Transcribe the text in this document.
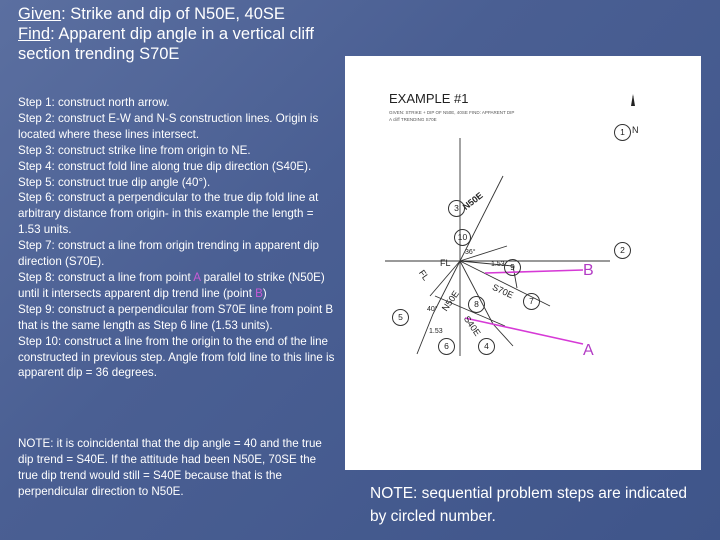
Given: Strike and dip of N50E, 40SE
Find: Apparent dip angle in a vertical cliff section trending S70E
Step 1: construct north arrow.
Step 2: construct E-W and N-S construction lines. Origin is located where these lines intersect.
Step 3: construct strike line from origin to NE.
Step 4: construct fold line along true dip direction (S40E).
Step 5: construct true dip angle (40°).
Step 6: construct a perpendicular to the true dip fold line at arbitrary distance from origin- in this example the length = 1.53 units.
Step 7: construct a line from origin trending in apparent dip direction (S70E).
Step 8: construct a line from point A parallel to strike (N50E) until it intersects apparent dip trend line (point B)
Step 9: construct a perpendicular from S70E line from point B that is the same length as Step 6 line (1.53 units).
Step 10: construct a line from the origin to the end of the line constructed in previous step. Angle from fold line to this line is apparent dip = 36 degrees.
NOTE: it is coincidental that the dip angle = 40 and the true dip trend = S40E. If the attitude had been N50E, 70SE the true dip trend would still = S40E because that is the perpendicular direction to N50E.	NOTE: sequential problem steps are indicated by circled number.
EXAMPLE #1
GIVEN: STRIKE + DIP OF N50E, 40SE FIND: APPARENT DIP
A cliff TRENDING S70E
N
N50E
FL
FL
S70E
S40E
N50E
36°
40°
1.53
1.53
B
A
1
2
3
4
5
6
7
8
9
10
